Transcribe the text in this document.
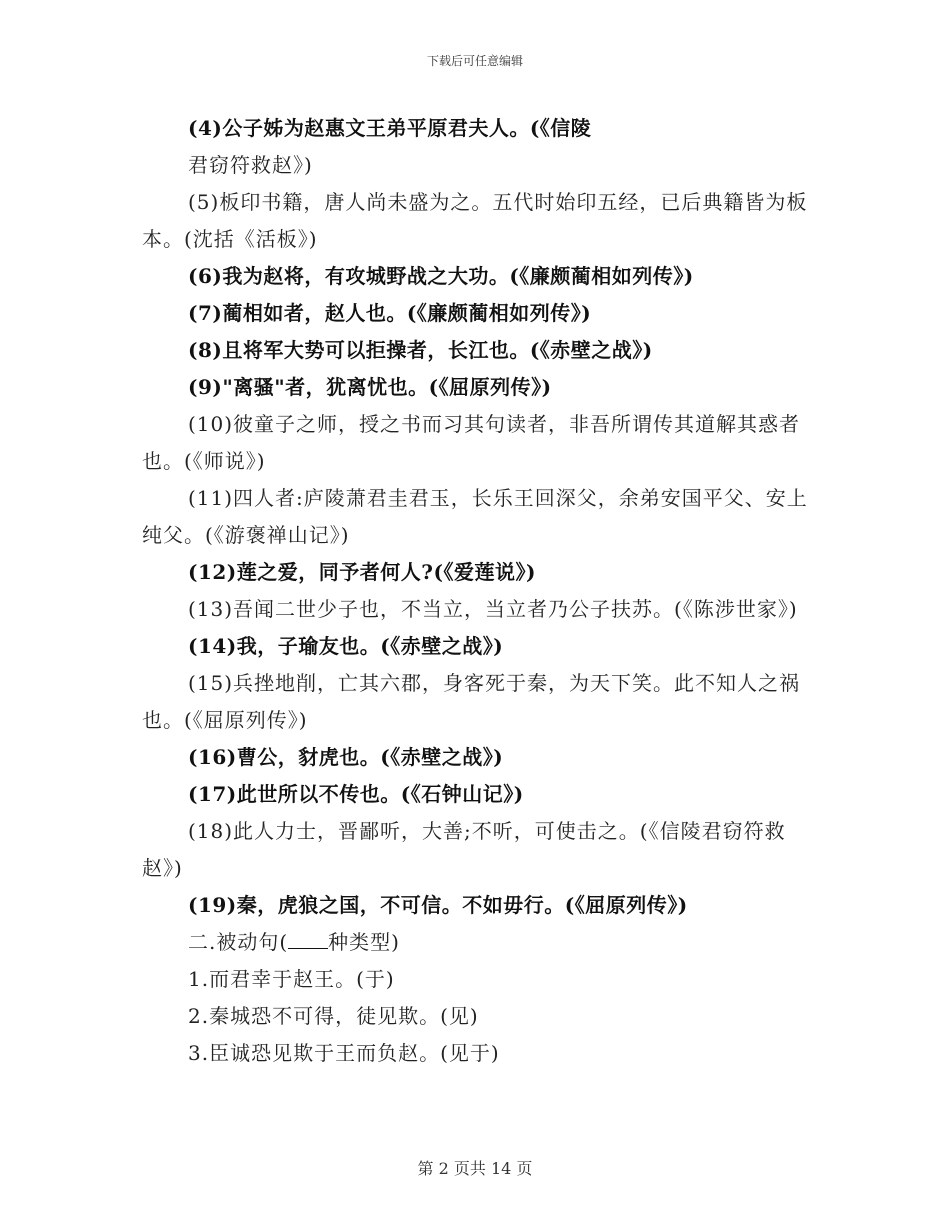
下载后可任意编辑

(4)公子姊为赵惠文王弟平原君夫人。(《信陵

君窃符救赵》)

(5)板印书籍，唐人尚未盛为之。五代时始印五经，已后典籍皆为板本。(沈括《活板》)

(6)我为赵将，有攻城野战之大功。(《廉颇蔺相如列传》)

(7)蔺相如者，赵人也。(《廉颇蔺相如列传》)

(8)且将军大势可以拒操者，长江也。(《赤壁之战》)

(9)"离骚"者，犹离忧也。(《屈原列传》)

(10)彼童子之师，授之书而习其句读者，非吾所谓传其道解其惑者也。(《师说》)

(11)四人者:庐陵萧君圭君玉，长乐王回深父，余弟安国平父、安上纯父。(《游褒禅山记》)

(12)莲之爱，同予者何人?(《爱莲说》)

(13)吾闻二世少子也，不当立，当立者乃公子扶苏。(《陈涉世家》)

(14)我，子瑜友也。(《赤壁之战》)

(15)兵挫地削，亡其六郡，身客死于秦，为天下笑。此不知人之祸也。(《屈原列传》)

(16)曹公，豺虎也。(《赤壁之战》)

(17)此世所以不传也。(《石钟山记》)

(18)此人力士，晋鄙听，大善;不听，可使击之。(《信陵君窃符救赵》)

(19)秦，虎狼之国，不可信。不如毋行。(《屈原列传》)

二.被动句( 种类型)

1.而君幸于赵王。(于)

2.秦城恐不可得，徒见欺。(见)

3.臣诚恐见欺于王而负赵。(见于)

第 2 页共 14 页
